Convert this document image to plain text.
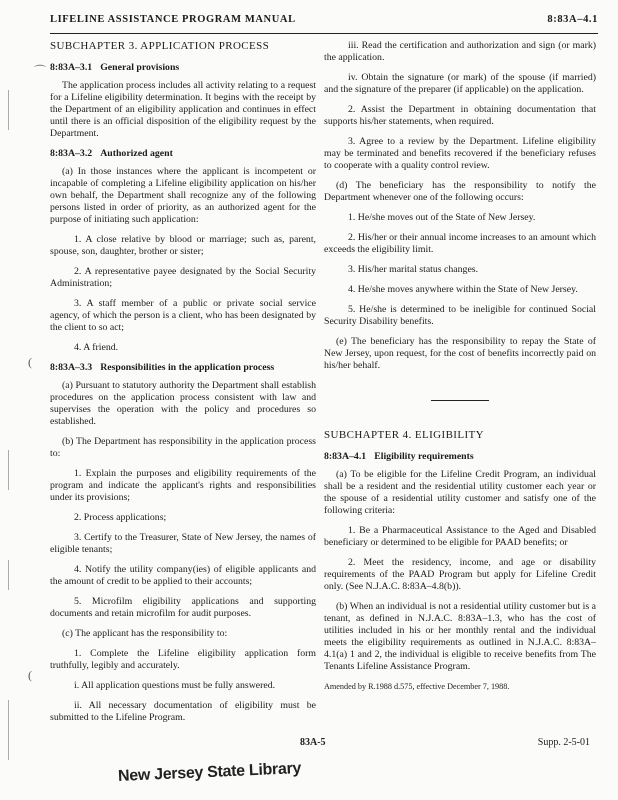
⌒
(
(
LIFELINE ASSISTANCE PROGRAM MANUAL	8:83A–4.1
SUBCHAPTER 3. APPLICATION PROCESS
8:83A–3.1 General provisions

The application process includes all activity relating to a request for a Lifeline eligibility determination. It begins with the receipt by the Department of an eligibility application and continues in effect until there is an official disposition of the eligibility request by the Department.

8:83A–3.2 Authorized agent

(a) In those instances where the applicant is incompetent or incapable of completing a Lifeline eligibility application on his/her own behalf, the Department shall recognize any of the following persons listed in order of priority, as an authorized agent for the purpose of initiating such application:

1. A close relative by blood or marriage; such as, parent, spouse, son, daughter, brother or sister;

2. A representative payee designated by the Social Security Administration;

3. A staff member of a public or private social service agency, of which the person is a client, who has been designated by the client to so act;

4. A friend.

8:83A–3.3 Responsibilities in the application process

(a) Pursuant to statutory authority the Department shall establish procedures on the application process consistent with law and supervises the operation with the policy and procedures so established.

(b) The Department has responsibility in the application process to:

1. Explain the purposes and eligibility requirements of the program and indicate the applicant's rights and responsibilities under its provisions;

2. Process applications;

3. Certify to the Treasurer, State of New Jersey, the names of eligible tenants;

4. Notify the utility company(ies) of eligible applicants and the amount of credit to be applied to their accounts;

5. Microfilm eligibility applications and supporting documents and retain microfilm for audit purposes.

(c) The applicant has the responsibility to:

1. Complete the Lifeline eligibility application form truthfully, legibly and accurately.

i. All application questions must be fully answered.

ii. All necessary documentation of eligibility must be submitted to the Lifeline Program.

iii. Read the certification and authorization and sign (or mark) the application.

iv. Obtain the signature (or mark) of the spouse (if married) and the signature of the preparer (if applicable) on the application.

2. Assist the Department in obtaining documentation that supports his/her statements, when required.

3. Agree to a review by the Department. Lifeline eligibility may be terminated and benefits recovered if the beneficiary refuses to cooperate with a quality control review.

(d) The beneficiary has the responsibility to notify the Department whenever one of the following occurs:

1. He/she moves out of the State of New Jersey.

2. His/her or their annual income increases to an amount which exceeds the eligibility limit.

3. His/her marital status changes.

4. He/she moves anywhere within the State of New Jersey.

5. He/she is determined to be ineligible for continued Social Security Disability benefits.

(e) The beneficiary has the responsibility to repay the State of New Jersey, upon request, for the cost of benefits incorrectly paid on his/her behalf.

SUBCHAPTER 4. ELIGIBILITY
8:83A–4.1 Eligibility requirements

(a) To be eligible for the Lifeline Credit Program, an individual shall be a resident and the residential utility customer each year or the spouse of a residential utility customer and satisfy one of the following criteria:

1. Be a Pharmaceutical Assistance to the Aged and Disabled beneficiary or determined to be eligible for PAAD benefits; or

2. Meet the residency, income, and age or disability requirements of the PAAD Program but apply for Lifeline Credit only. (See N.J.A.C. 8:83A–4.8(b)).

(b) When an individual is not a residential utility customer but is a tenant, as defined in N.J.A.C. 8:83A–1.3, who has the cost of utilities included in his or her monthly rental and the individual meets the eligibility requirements as outlined in N.J.A.C. 8:83A–4.1(a) 1 and 2, the individual is eligible to receive benefits from The Tenants Lifeline Assistance Program.

Amended by R.1988 d.575, effective December 7, 1988.

83A-5	Supp. 2-5-01
New Jersey State Library
